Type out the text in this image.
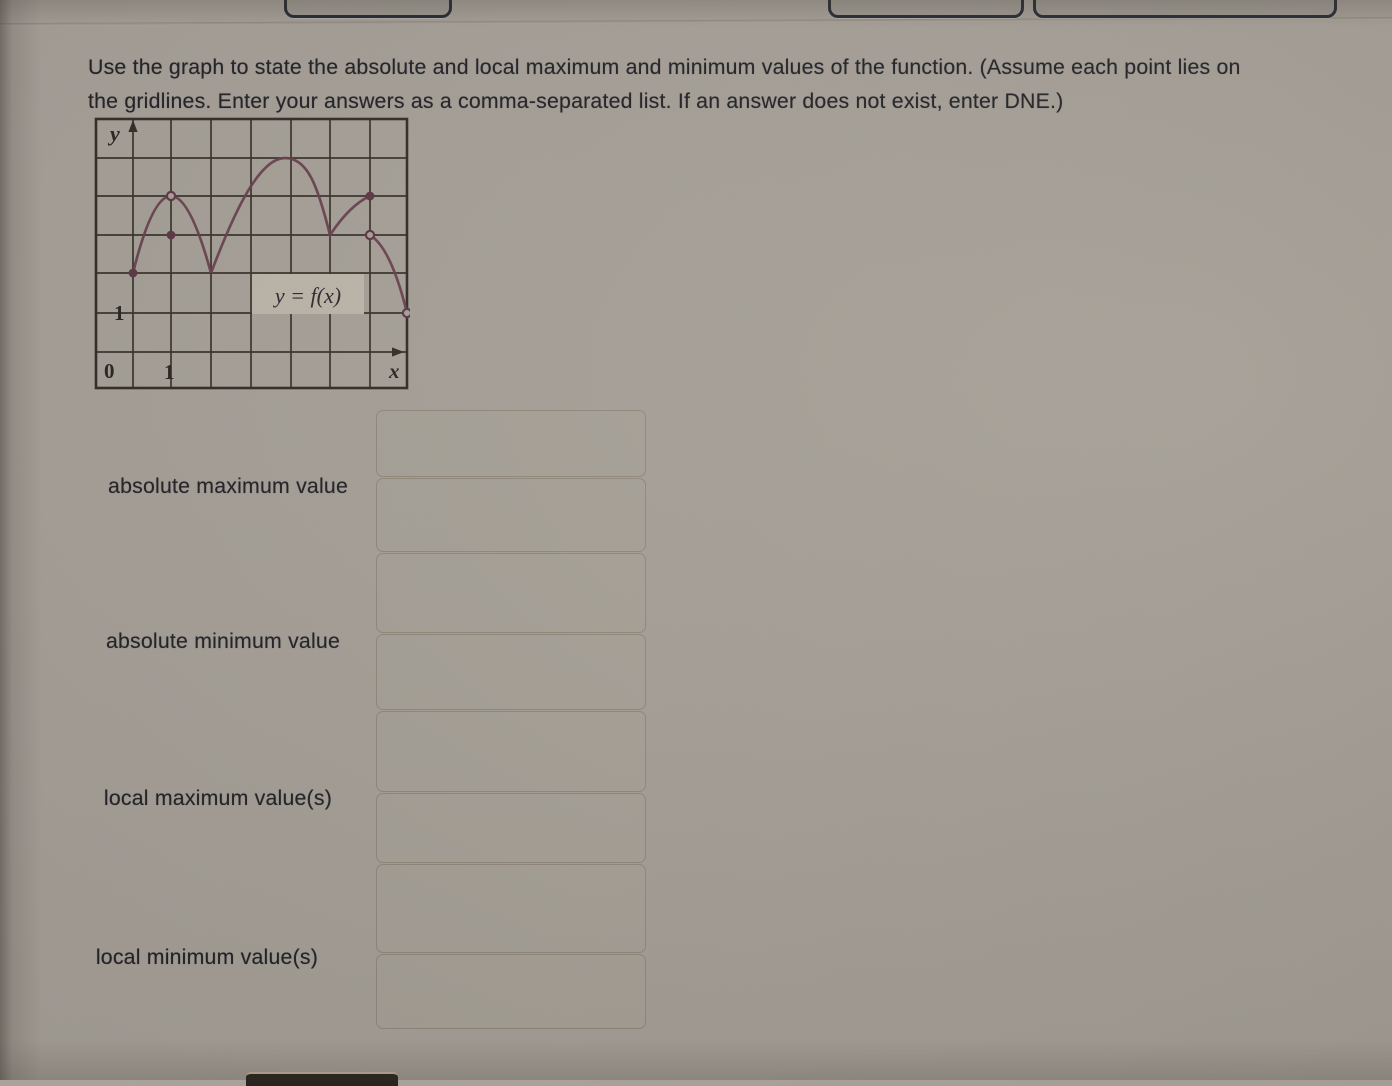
Use the graph to state the absolute and local maximum and minimum values of the function. (Assume each point lies on
the gridlines. Enter your answers as a comma-separated list. If an answer does not exist, enter DNE.)
y = f(x)
y
x
0 1
1
absolute maximum value
absolute minimum value
local maximum value(s)
local minimum value(s)
